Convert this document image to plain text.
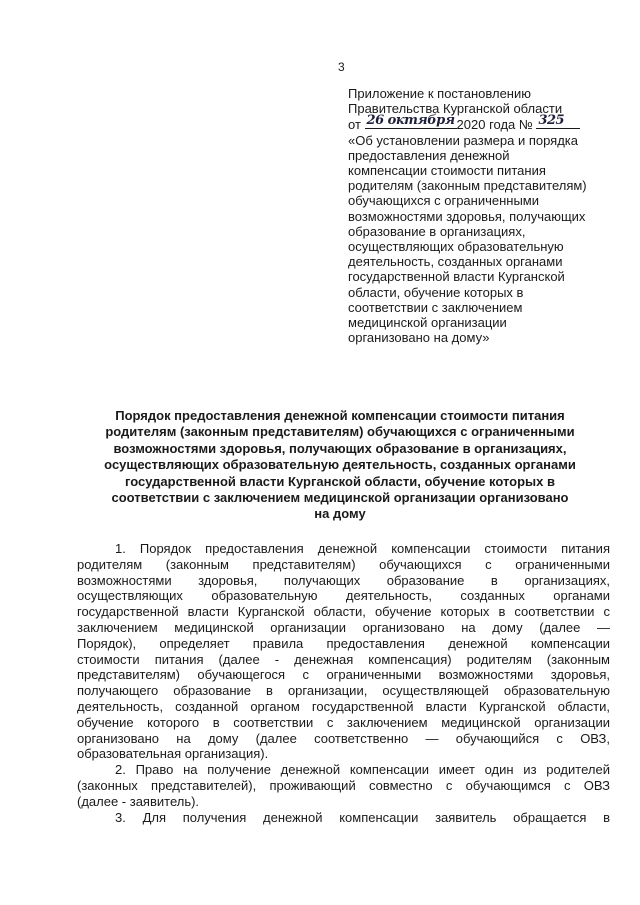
3
Приложение к постановлению
Правительства Курганской области
от 26 октября 2020 года № 325
«Об установлении размера и порядка
предоставления денежной
компенсации стоимости питания
родителям (законным представителям)
обучающихся с ограниченными
возможностями здоровья, получающих
образование в организациях,
осуществляющих образовательную
деятельность, созданных органами
государственной власти Курганской
области, обучение которых в
соответствии с заключением
медицинской организации
организовано на дому»
Порядок предоставления денежной компенсации стоимости питания
родителям (законным представителям) обучающихся с ограниченными
возможностями здоровья, получающих образование в организациях,
осуществляющих образовательную деятельность, созданных органами
государственной власти Курганской области, обучение которых в
соответствии с заключением медицинской организации организовано
на дому
1. Порядок предоставления денежной компенсации стоимости питания
родителям (законным представителям) обучающихся с ограниченными
возможностями здоровья, получающих образование в организациях,
осуществляющих образовательную деятельность, созданных органами
государственной власти Курганской области, обучение которых в соответствии с
заключением медицинской организации организовано на дому (далее —
Порядок), определяет правила предоставления денежной компенсации
стоимости питания (далее - денежная компенсация) родителям (законным
представителям) обучающегося с ограниченными возможностями здоровья,
получающего образование в организации, осуществляющей образовательную
деятельность, созданной органом государственной власти Курганской области,
обучение которого в соответствии с заключением медицинской организации
организовано на дому (далее соответственно — обучающийся с ОВЗ,
образовательная организация).
2. Право на получение денежной компенсации имеет один из родителей
(законных представителей), проживающий совместно с обучающимся с ОВЗ
(далее - заявитель).
3. Для получения денежной компенсации заявитель обращается в
